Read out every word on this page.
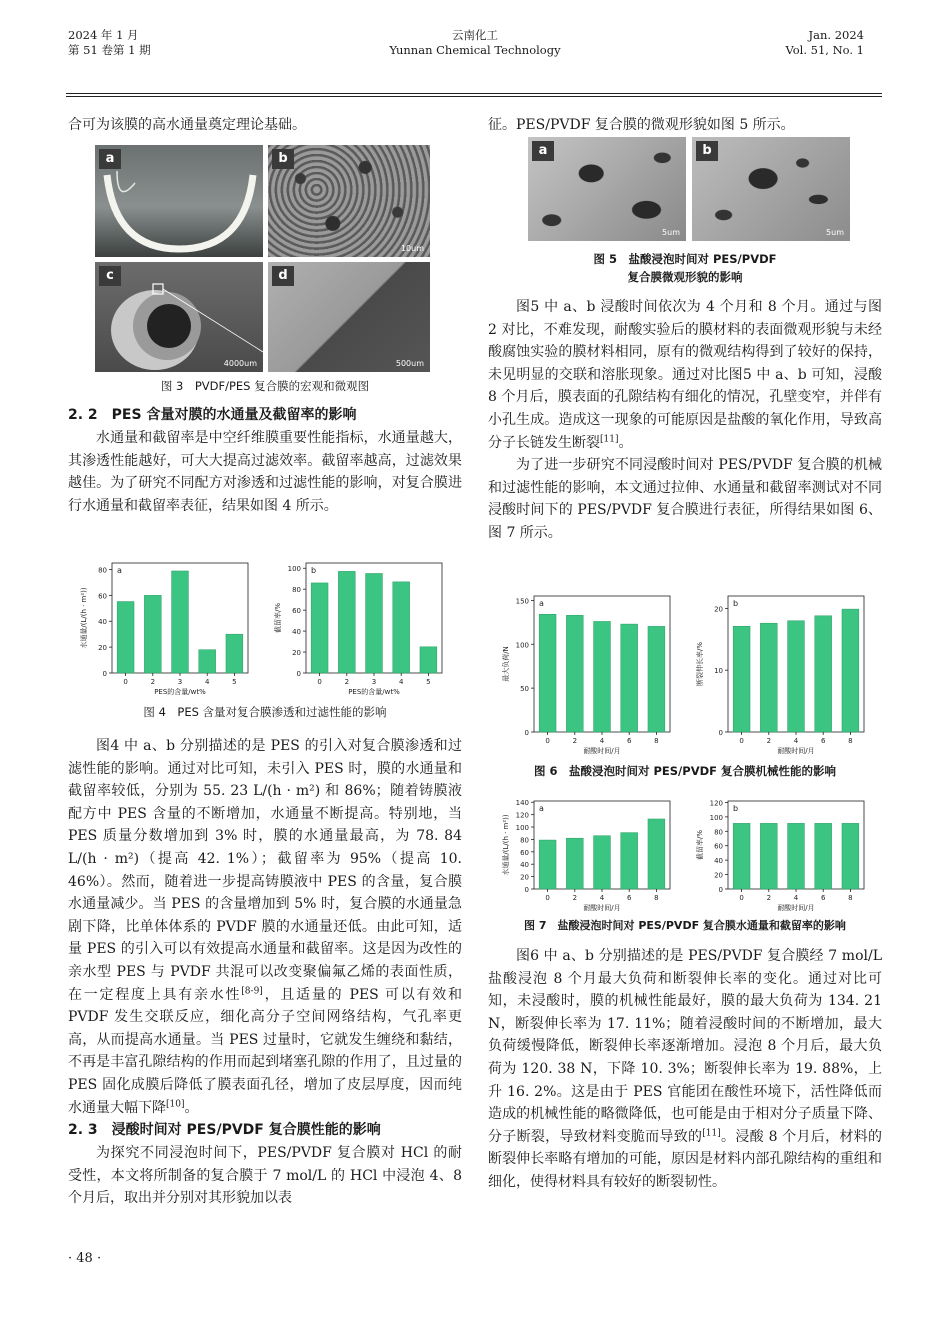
2024 年 1 月
第 51 卷第 1 期
云南化工
Yunnan Chemical Technology
Jan. 2024
Vol. 51, No. 1

合可为该膜的高水通量奠定理论基础。

a	b
10um
c
4000um
d
500um
图 3　PVDF/PES 复合膜的宏观和微观图
2. 2　PES 含量对膜的水通量及截留率的影响

水通量和截留率是中空纤维膜重要性能指标，水通量越大，其渗透性能越好，可大大提高过滤效率。截留率越高，过滤效果越佳。为了研究不同配方对渗透和过滤性能的影响，对复合膜进行水通量和截留率表征，结果如图 4 所示。

0
20
40
60
80
0	2	3	4	5
PES的含量/wt%
水通量/(L/(h · m²))
a
0
20
40
60
80
100
0	2	3	4	5
PES的含量/wt%
截留率/%
b
图 4　PES 含量对复合膜渗透和过滤性能的影响

图4 中 a、b 分别描述的是 PES 的引入对复合膜渗透和过滤性能的影响。通过对比可知，未引入 PES 时，膜的水通量和截留率较低，分别为 55. 23 L/(h · m²) 和 86%；随着铸膜液配方中 PES 含量的不断增加，水通量不断提高。特别地，当 PES 质量分数增加到 3% 时，膜的水通量最高，为 78. 84 L/(h · m²)（提高 42. 1%）；截留率为 95%（提高 10. 46%）。然而，随着进一步提高铸膜液中 PES 的含量，复合膜水通量减少。当 PES 的含量增加到 5% 时，复合膜的水通量急剧下降，比单体体系的 PVDF 膜的水通量还低。由此可知，适量 PES 的引入可以有效提高水通量和截留率。这是因为改性的亲水型 PES 与 PVDF 共混可以改变聚偏氟乙烯的表面性质，在一定程度上具有亲水性[8-9]，且适量的 PES 可以有效和 PVDF 发生交联反应，细化高分子空间网络结构，气孔率更高，从而提高水通量。当 PES 过量时，它就发生缠绕和黏结，不再是丰富孔隙结构的作用而起到堵塞孔隙的作用了，且过量的 PES 固化成膜后降低了膜表面孔径，增加了皮层厚度，因而纯水通量大幅下降[10]。

2. 3　浸酸时间对 PES/PVDF 复合膜性能的影响

为探究不同浸泡时间下，PES/PVDF 复合膜对 HCl 的耐受性，本文将所制备的复合膜于 7 mol/L 的 HCl 中浸泡 4、8 个月后，取出并分别对其形貌加以表

· 48 ·

征。PES/PVDF 复合膜的微观形貌如图 5 所示。

a
5um
b
5um
图 5　盐酸浸泡时间对 PES/PVDF
复合膜微观形貌的影响

图5 中 a、b 浸酸时间依次为 4 个月和 8 个月。通过与图 2 对比，不难发现，耐酸实验后的膜材料的表面微观形貌与未经酸腐蚀实验的膜材料相同，原有的微观结构得到了较好的保持，未见明显的交联和溶胀现象。通过对比图5 中 a、b 可知，浸酸 8 个月后，膜表面的孔隙结构有细化的情况，孔壁变窄，并伴有小孔生成。造成这一现象的可能原因是盐酸的氧化作用，导致高分子长链发生断裂[11]。

为了进一步研究不同浸酸时间对 PES/PVDF 复合膜的机械和过滤性能的影响，本文通过拉伸、水通量和截留率测试对不同浸酸时间下的 PES/PVDF 复合膜进行表征，所得结果如图 6、图 7 所示。

0
50
100
150
0	2	4	6	8
耐酸时间/月
最大负荷/N
a
0
10
20
0	2	4	6	8
耐酸时间/月
断裂伸长率/%
b
图 6　盐酸浸泡时间对 PES/PVDF 复合膜机械性能的影响
0
20
40
60
80
100
120
140
0	2	4	6	8
耐酸时间/月
水通量/(L/(h · m²))
a
0
20
40
60
80
100
120
0	2	4	6	8
耐酸时间/月
截留率/%
b
图 7　盐酸浸泡时间对 PES/PVDF 复合膜水通量和截留率的影响

图6 中 a、b 分别描述的是 PES/PVDF 复合膜经 7 mol/L 盐酸浸泡 8 个月最大负荷和断裂伸长率的变化。通过对比可知，未浸酸时，膜的机械性能最好，膜的最大负荷为 134. 21 N，断裂伸长率为 17. 11%；随着浸酸时间的不断增加，最大负荷缓慢降低，断裂伸长率逐渐增加。浸泡 8 个月后，最大负荷为 120. 38 N，下降 10. 3%；断裂伸长率为 19. 88%，上升 16. 2%。这是由于 PES 官能团在酸性环境下，活性降低而造成的机械性能的略微降低，也可能是由于相对分子质量下降、分子断裂，导致材料变脆而导致的[11]。浸酸 8 个月后，材料的断裂伸长率略有增加的可能，原因是材料内部孔隙结构的重组和细化，使得材料具有较好的断裂韧性。
